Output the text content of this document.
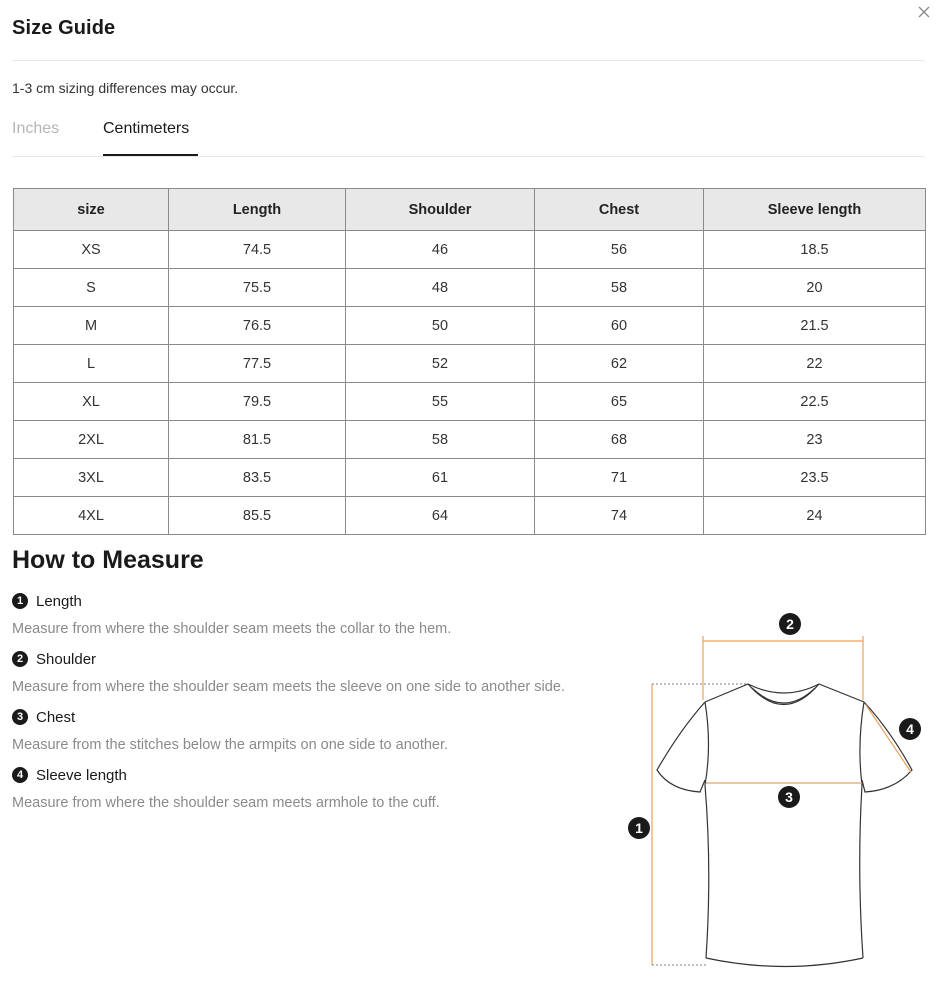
Size Guide
1-3 cm sizing differences may occur.
Inches	Centimeters
size	Length	Shoulder	Chest	Sleeve length
XS	74.5	46	56	18.5
S	75.5	48	58	20
M	76.5	50	60	21.5
L	77.5	52	62	22
XL	79.5	55	65	22.5
2XL	81.5	58	68	23
3XL	83.5	61	71	23.5
4XL	85.5	64	74	24
How to Measure
1 Length
Measure from where the shoulder seam meets the collar to the hem.
2 Shoulder
Measure from where the shoulder seam meets the sleeve on one side to another side.
3 Chest
Measure from the stitches below the armpits on one side to another.
4 Sleeve length
Measure from where the shoulder seam meets armhole to the cuff.
1
2
3
4
